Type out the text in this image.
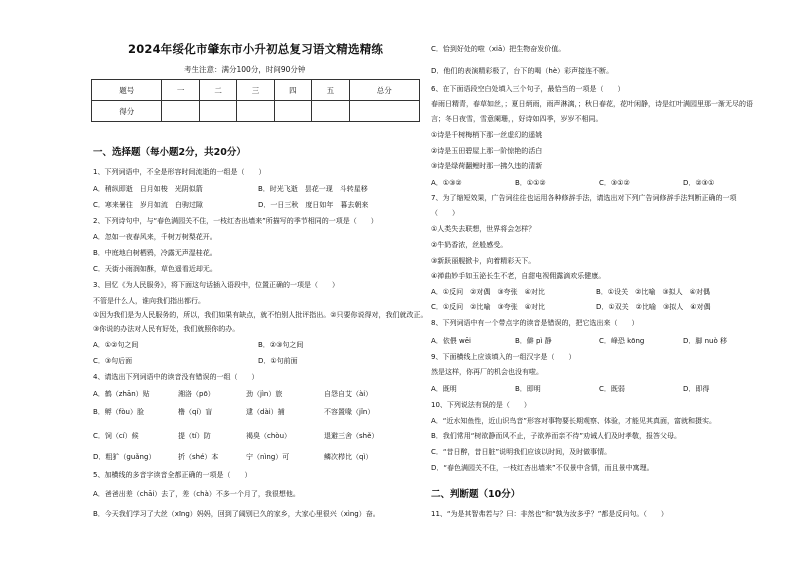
2024年绥化市肇东市小升初总复习语文精选精练
考生注意：满分100分，时间90分钟
题号	一	二	三	四	五	总分
得分						
一、选择题（每小题2分，共20分）
1、下列词语中，不全是形容时间流逝的一组是（　　）
A．稍纵即逝　日月如梭　光阴似箭	B．时光飞逝　昙花一现　斗转星移
C．寒来暑往　岁月如流　白驹过隙	D．一日三秋　度日如年　暮去朝来
2、下列诗句中，与“春色满园关不住，一枝红杏出墙来”所描写的季节相同的一项是（　　）
A．忽如一夜春风来，千树万树梨花开。
B．中庭地白树栖鸦，冷露无声湿桂花。
C．天街小雨润如酥，草色遥看近却无。
3、回忆《为人民服务》，将下面这句话插入语段中，位置正确的一项是（　　）
不管是什么人，谁向我们指出都行。
①因为我们是为人民服务的，所以，我们如果有缺点，就不怕别人批评指出。②只要你说得对，我们就改正。
③你说的办法对人民有好处，我们就照你的办。
A．①②句之间	B．②③句之间
C．③句后面	D．①句前面
4、请选出下列词语中的读音没有错误的一组（　　）
A．鹤（zhān）贴	湘洛（pō）	劲（jìn）旅	自怨自艾（ài）
B．孵（fòu）脸	橹（qí）盲	逮（dài）捕	不容置喙（jǐn）
C．饲（cí）候	提（tí）防	褐臭（chòu）	退避三舍（shě）
D．粗犷（guǎng）	折（shé）本	宁（nìng）可	鳞次栉比（qì）
5、加横线的多音字读音全都正确的一项是（　　）
A．爸爸出差（chāi）去了，差（chà）不多一个月了，我很想他。
B．今天我们学习了大丝（xīng）妈妈，回到了阔别已久的家乡，大家心里很兴（xìng）奋。
C．恰到好处的啦（xiā）把生物奋发价值。
D．他们的表演精彩极了，台下的喝（hè）彩声接连不断。
6、在下面语段空白处填入三个句子，最恰当的一项是（　　）
春雨日精青，春草如丝，；夏日炳雨，雨声淋漓，；秋日春花，花叶闲静，诗是红叶满园里那一渐无尽的语
言；冬日夜雪，雪意阑珊，，好诗如四季，岁岁不相同。
①诗是千树梅梢下那一丝虚幻的遥姚
②诗是玉田碧屋上那一阶惊艳的活白
③诗是绿荷翻鲤时那一拂久违的清新
A．①③②	B．①①②	C．③①②	D．②③①
7、为了缩短效果，广告词往往也运用各种修辞手法，请选出对下列广告词修辞手法判断正确的一项
（　　）
①人类失去联想，世界将会怎样？
②牛奶香浓，丝般感受。
③新跃丽舰掀卡，向着精彩天下。
④禅曲妙手如玉泌长生不老，自甜电视佣露滴欢乐健康。
A．①反问　②对偶　③夸张　④对比	B．①设关　②比喻　③拟人　④对偶
C．①反问　②比喻　③夸张　④对比	D．①双关　②比喻　③拟人　④对偶
8、下列词语中有一个带点字的读音是错误的，把它选出来（　　）
A．依偎 wēi	B．僻 pì 静	C．峰恐 kōng	D．脚 nuò 移
9、下面横线上应该填入的一组汉字是（　　）
然是这样，你再厂的机会也没有啦。
A．既明	B．即明	C．既弱	D．即得
10、下列说法有误的是（　　）
A．“近水知鱼性，近山识鸟音”形容对事物要长期观察、体验，才能见其真面，富就和摄实。
B．我们常用“树欲静而风不止，子欲养而亲不待”劝诫人们及时孝敬，报答父母。
C．“昔日醉，昔日脏”说明我们应该以时间，及时做事情。
D．“春色满园关不住，一枝红杏出墙来”不仅景中含情，而且景中寓理。
二、判断题（10分）
11、“为是其智弗若与？曰：非然也”和“孰为汝多乎？”都是反问句。（　　）
